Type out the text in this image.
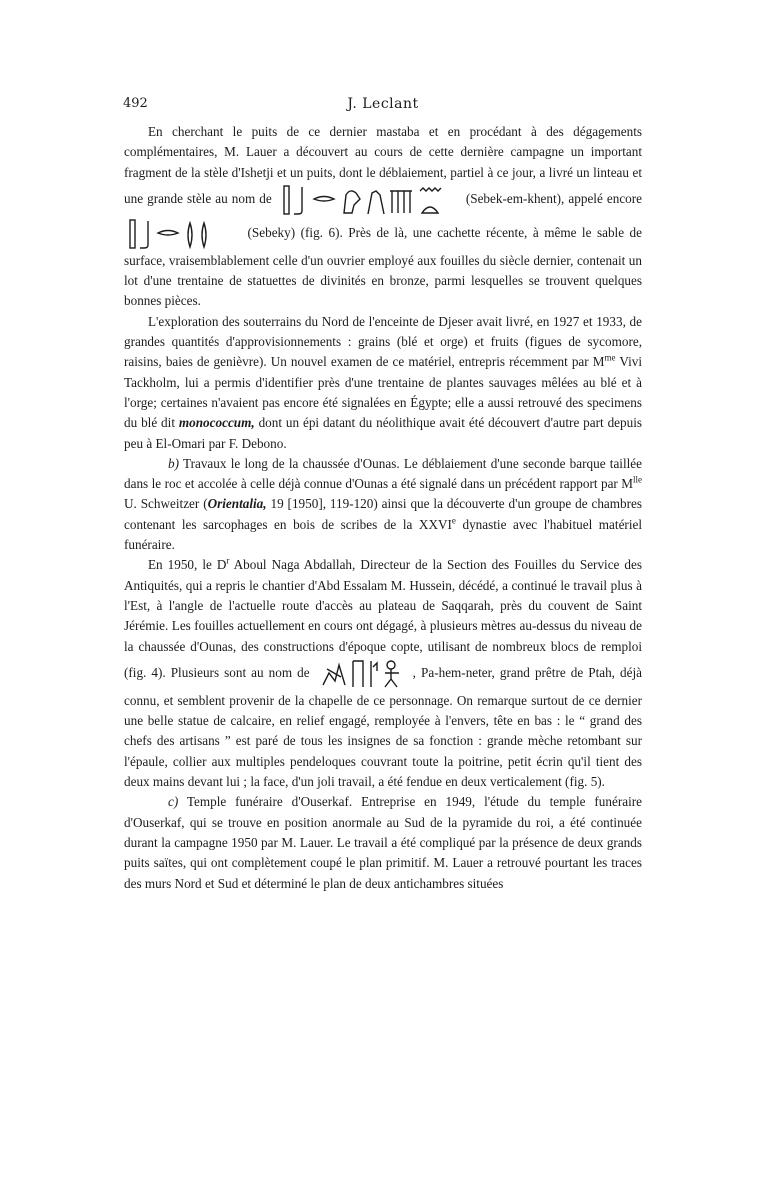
492	J. Leclant

En cherchant le puits de ce dernier mastaba et en procédant à des dégagements complémentaires, M. Lauer a découvert au cours de cette dernière campagne un important fragment de la stèle d'Ishetji et un puits, dont le déblaiement, partiel à ce jour, a livré un linteau et une grande stèle au nom de	(Sebek-em-khent), appelé encore
(Sebeky) (fig. 6). Près de là, une cachette récente, à même le sable de surface, vraisemblablement celle d'un ouvrier employé aux fouilles du siècle dernier, contenait un lot d'une trentaine de statuettes de divinités en bronze, parmi lesquelles se trouvent quelques bonnes pièces.

L'exploration des souterrains du Nord de l'enceinte de Djeser avait livré, en 1927 et 1933, de grandes quantités d'approvisionnements : grains (blé et orge) et fruits (figues de sycomore, raisins, baies de genièvre). Un nouvel examen de ce matériel, entrepris récemment par $M^{me}$ Vivi Tackholm, lui a permis d'identifier près d'une trentaine de plantes sauvages mêlées au blé et à l'orge; certaines n'avaient pas encore été signalées en Égypte; elle a aussi retrouvé des specimens du blé dit monococcum, dont un épi datant du néolithique avait été découvert d'autre part depuis peu à El-Omari par F. Debono.

b) Travaux le long de la chaussée d'Ounas. Le déblaiement d'une seconde barque taillée dans le roc et accolée à celle déjà connue d'Ounas a été signalé dans un précédent rapport par $M^{lle}$ U. Schweitzer (Orientalia, 19 [1950], 119-120) ainsi que la découverte d'un groupe de chambres contenant les sarcophages en bois de scribes de la XXVIe dynastie avec l'habituel matériel funéraire.

En 1950, le $D^r$ Aboul Naga Abdallah, Directeur de la Section des Fouilles du Service des Antiquités, qui a repris le chantier d'Abd Essalam M. Hussein, décédé, a continué le travail plus à l'Est, à l'angle de l'actuelle route d'accès au plateau de Saqqarah, près du couvent de Saint Jérémie. Les fouilles actuellement en cours ont dégagé, à plusieurs mètres au-dessus du niveau de la chaussée d'Ounas, des constructions d'époque copte, utilisant de nombreux blocs de remploi (fig. 4). Plusieurs sont au nom de	, Pa-hem-neter, grand prêtre de Ptah, déjà connu, et semblent provenir de la chapelle de ce personnage. On remarque surtout de ce dernier une belle statue de calcaire, en relief engagé, remployée à l'envers, tête en bas : le “ grand des chefs des artisans ” est paré de tous les insignes de sa fonction : grande mèche retombant sur l'épaule, collier aux multiples pendeloques couvrant toute la poitrine, petit écrin qu'il tient des deux mains devant lui ; la face, d'un joli travail, a été fendue en deux verticalement (fig. 5).

c) Temple funéraire d'Ouserkaf. Entreprise en 1949, l'étude du temple funéraire d'Ouserkaf, qui se trouve en position anormale au Sud de la pyramide du roi, a été continuée durant la campagne 1950 par M. Lauer. Le travail a été compliqué par la présence de deux grands puits saïtes, qui ont complètement coupé le plan primitif. M. Lauer a retrouvé pourtant les traces des murs Nord et Sud et déterminé le plan de deux antichambres situées
